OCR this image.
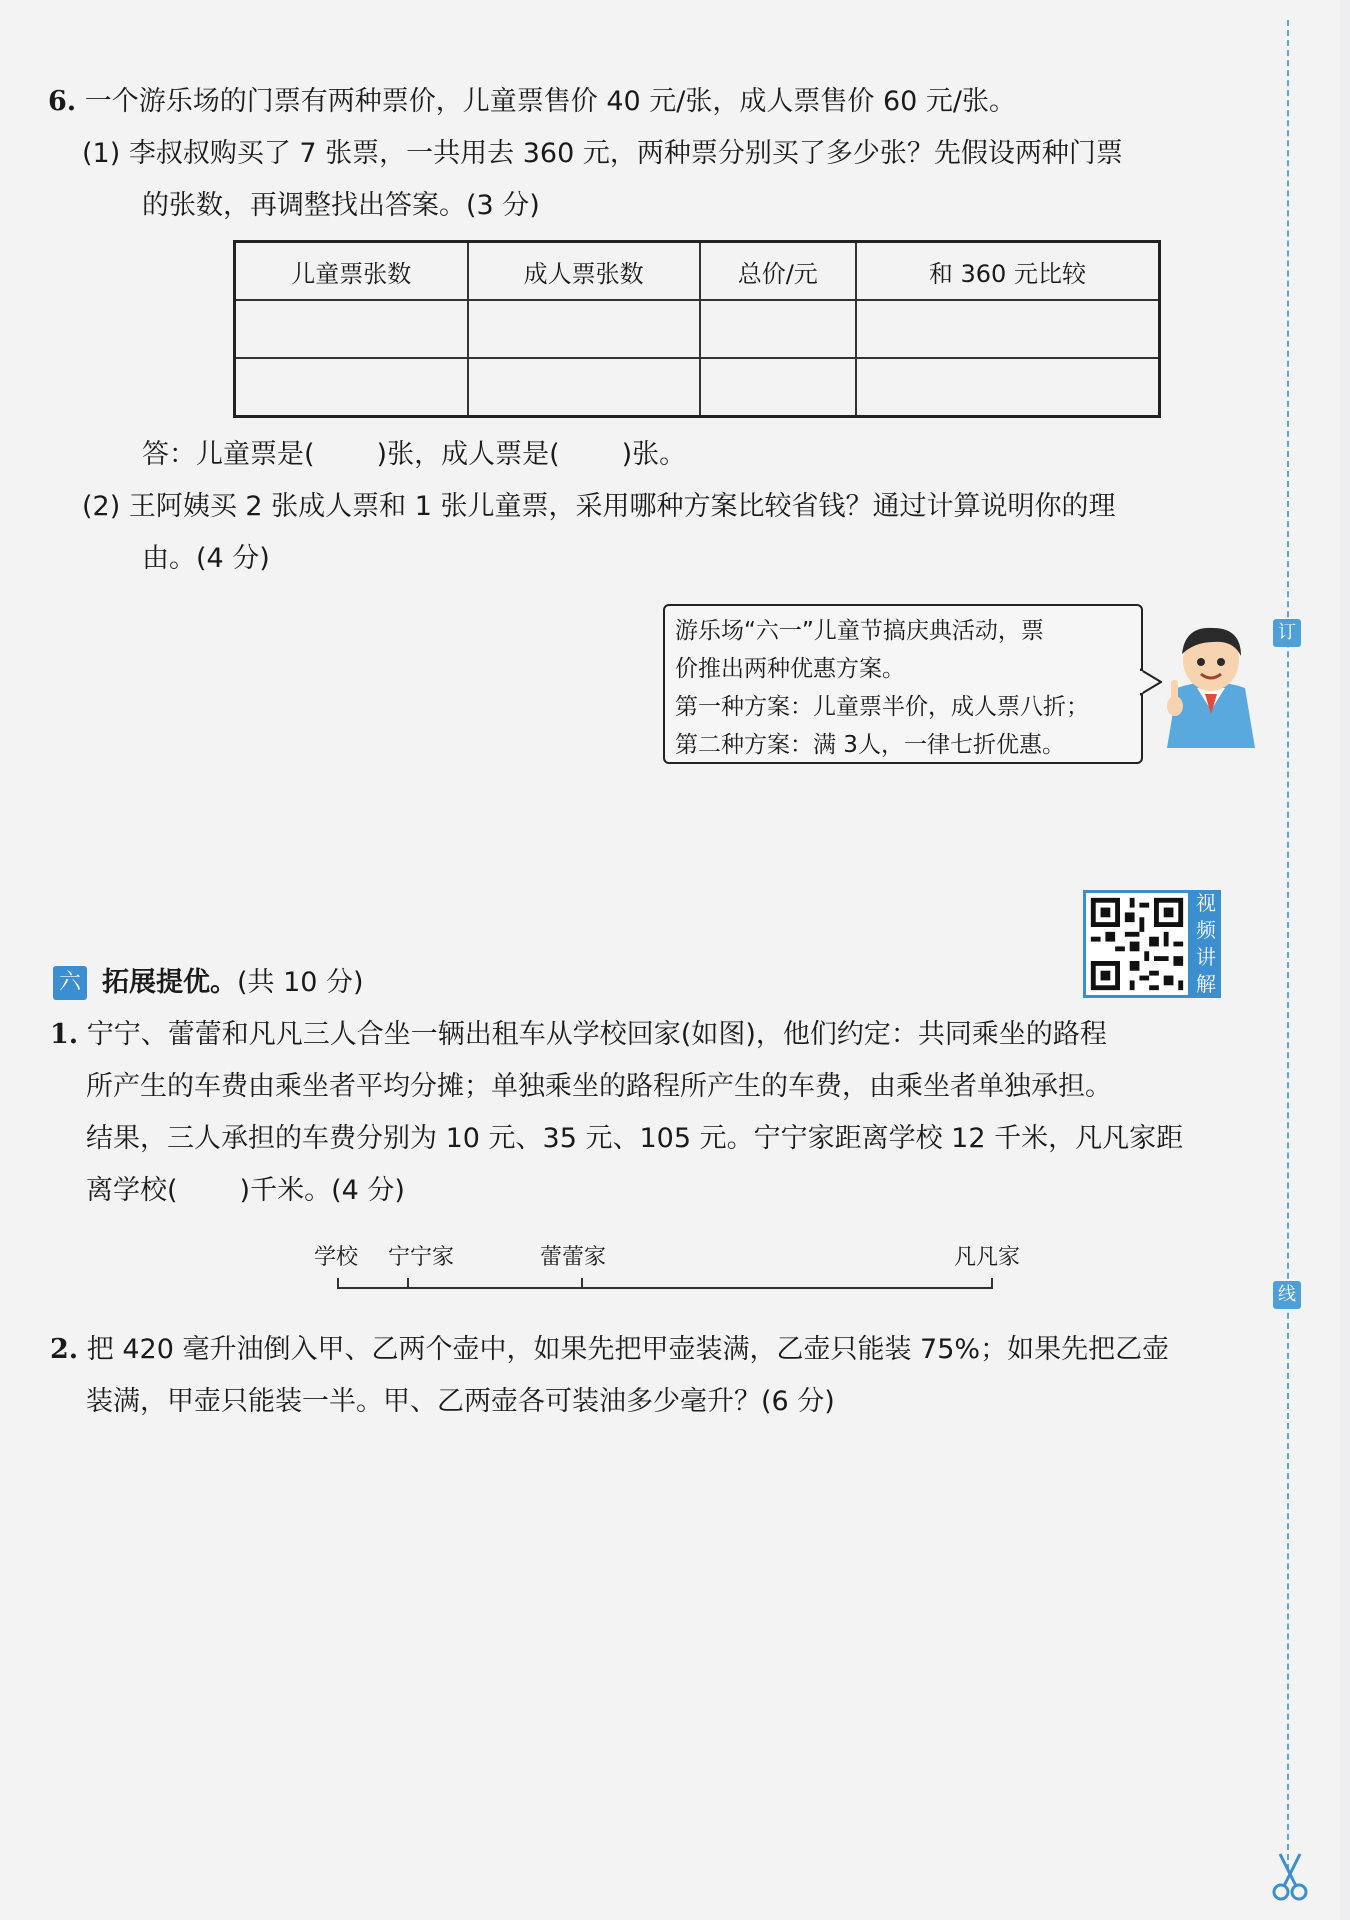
6. 一个游乐场的门票有两种票价，儿童票售价 40 元/张，成人票售价 60 元/张。
(1) 李叔叔购买了 7 张票，一共用去 360 元，两种票分别买了多少张？先假设两种门票
的张数，再调整找出答案。(3 分)
儿童票张数	成人票张数	总价/元	和 360 元比较

答：儿童票是( )张，成人票是( )张。
(2) 王阿姨买 2 张成人票和 1 张儿童票，采用哪种方案比较省钱？通过计算说明你的理
由。(4 分)
游乐场“六一”儿童节搞庆典活动，票
价推出两种优惠方案。
第一种方案：儿童票半价，成人票八折；
第二种方案：满 3人，一律七折优惠。
视频讲解
六 拓展提优。(共 10 分)
1. 宁宁、蕾蕾和凡凡三人合坐一辆出租车从学校回家(如图)，他们约定：共同乘坐的路程
所产生的车费由乘坐者平均分摊；单独乘坐的路程所产生的车费，由乘坐者单独承担。
结果，三人承担的车费分别为 10 元、35 元、105 元。宁宁家距离学校 12 千米，凡凡家距
离学校( )千米。(4 分)
学校 宁宁家	蕾蕾家	凡凡家
2. 把 420 毫升油倒入甲、乙两个壶中，如果先把甲壶装满，乙壶只能装 75%；如果先把乙壶
装满，甲壶只能装一半。甲、乙两壶各可装油多少毫升？(6 分)
订
线
